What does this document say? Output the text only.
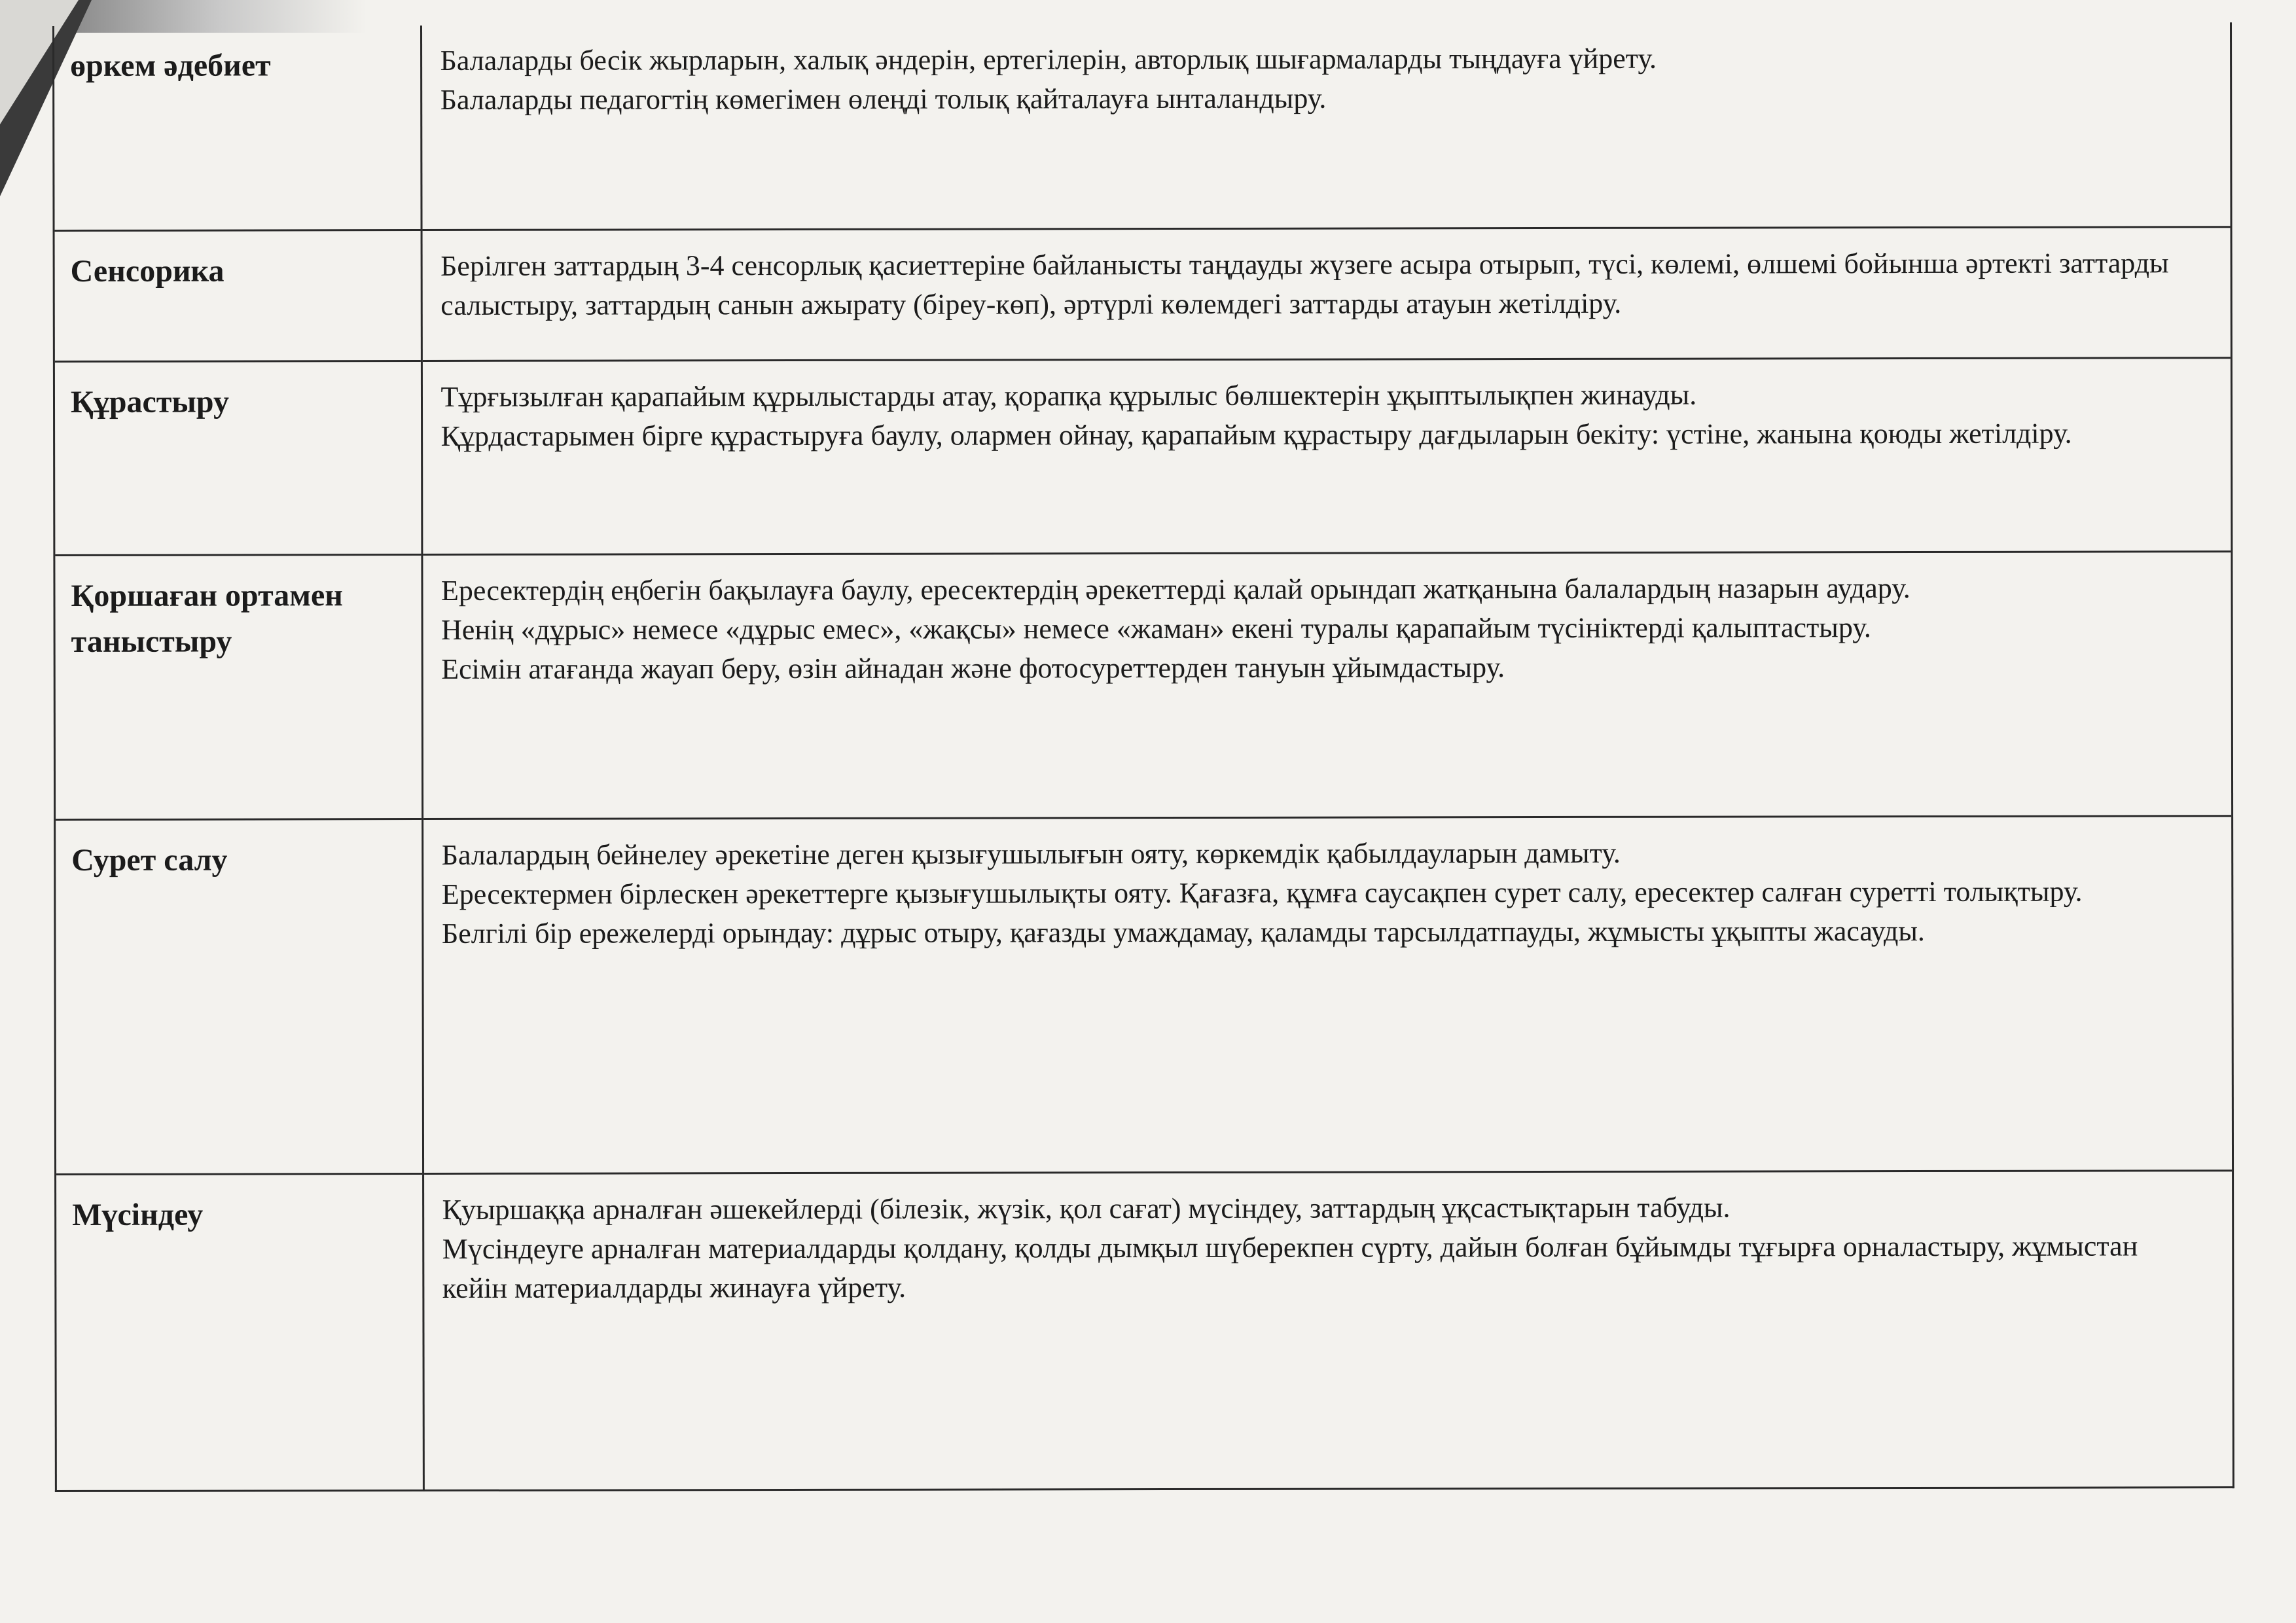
өркем әдебиет	Балаларды бесік жырларын, халық әндерін, ертегілерін, авторлық шығармаларды тыңдауға үйрету.
Балаларды педагогтің көмегімен өлеңді толық қайталауға ынталандыру.

Сенсорика	Берілген заттардың 3-4 сенсорлық қасиеттеріне байланысты таңдауды жүзеге асыра отырып, түсі, көлемі, өлшемі бойынша әртекті заттарды салыстыру, заттардың санын ажырату (біреу-көп), әртүрлі көлемдегі заттарды атауын жетілдіру.

Құрастыру	Тұрғызылған қарапайым құрылыстарды атау, қорапқа құрылыс бөлшектерін ұқыптылықпен жинауды.
Құрдастарымен бірге құрастыруға баулу, олармен ойнау, қарапайым құрастыру дағдыларын бекіту: үстіне, жанына қоюды жетілдіру.

Қоршаған ортамен таныстыру	Ересектердің еңбегін бақылауға баулу, ересектердің әрекеттерді қалай орындап жатқанына балалардың назарын аудару.
Ненің «дұрыс» немесе «дұрыс емес», «жақсы» немесе «жаман» екені туралы қарапайым түсініктерді қалыптастыру.
Есімін атағанда жауап беру, өзін айнадан және фотосуреттерден тануын ұйымдастыру.

Сурет салу	Балалардың бейнелеу әрекетіне деген қызығушылығын ояту, көркемдік қабылдауларын дамыту.
Ересектермен бірлескен әрекеттерге қызығушылықты ояту. Қағазға, құмға саусақпен сурет салу, ересектер салған суретті толықтыру.
Белгілі бір ережелерді орындау: дұрыс отыру, қағазды умаждамау, қаламды тарсылдатпауды, жұмысты ұқыпты жасауды.

Мүсіндеу	Қуыршаққа арналған әшекейлерді (білезік, жүзік, қол сағат) мүсіндеу, заттардың ұқсастықтарын табуды.
Мүсіндеуге арналған материалдарды қолдану, қолды дымқыл шүберекпен сүрту, дайын болған бұйымды тұғырға орналастыру, жұмыстан кейін материалдарды жинауға үйрету.
